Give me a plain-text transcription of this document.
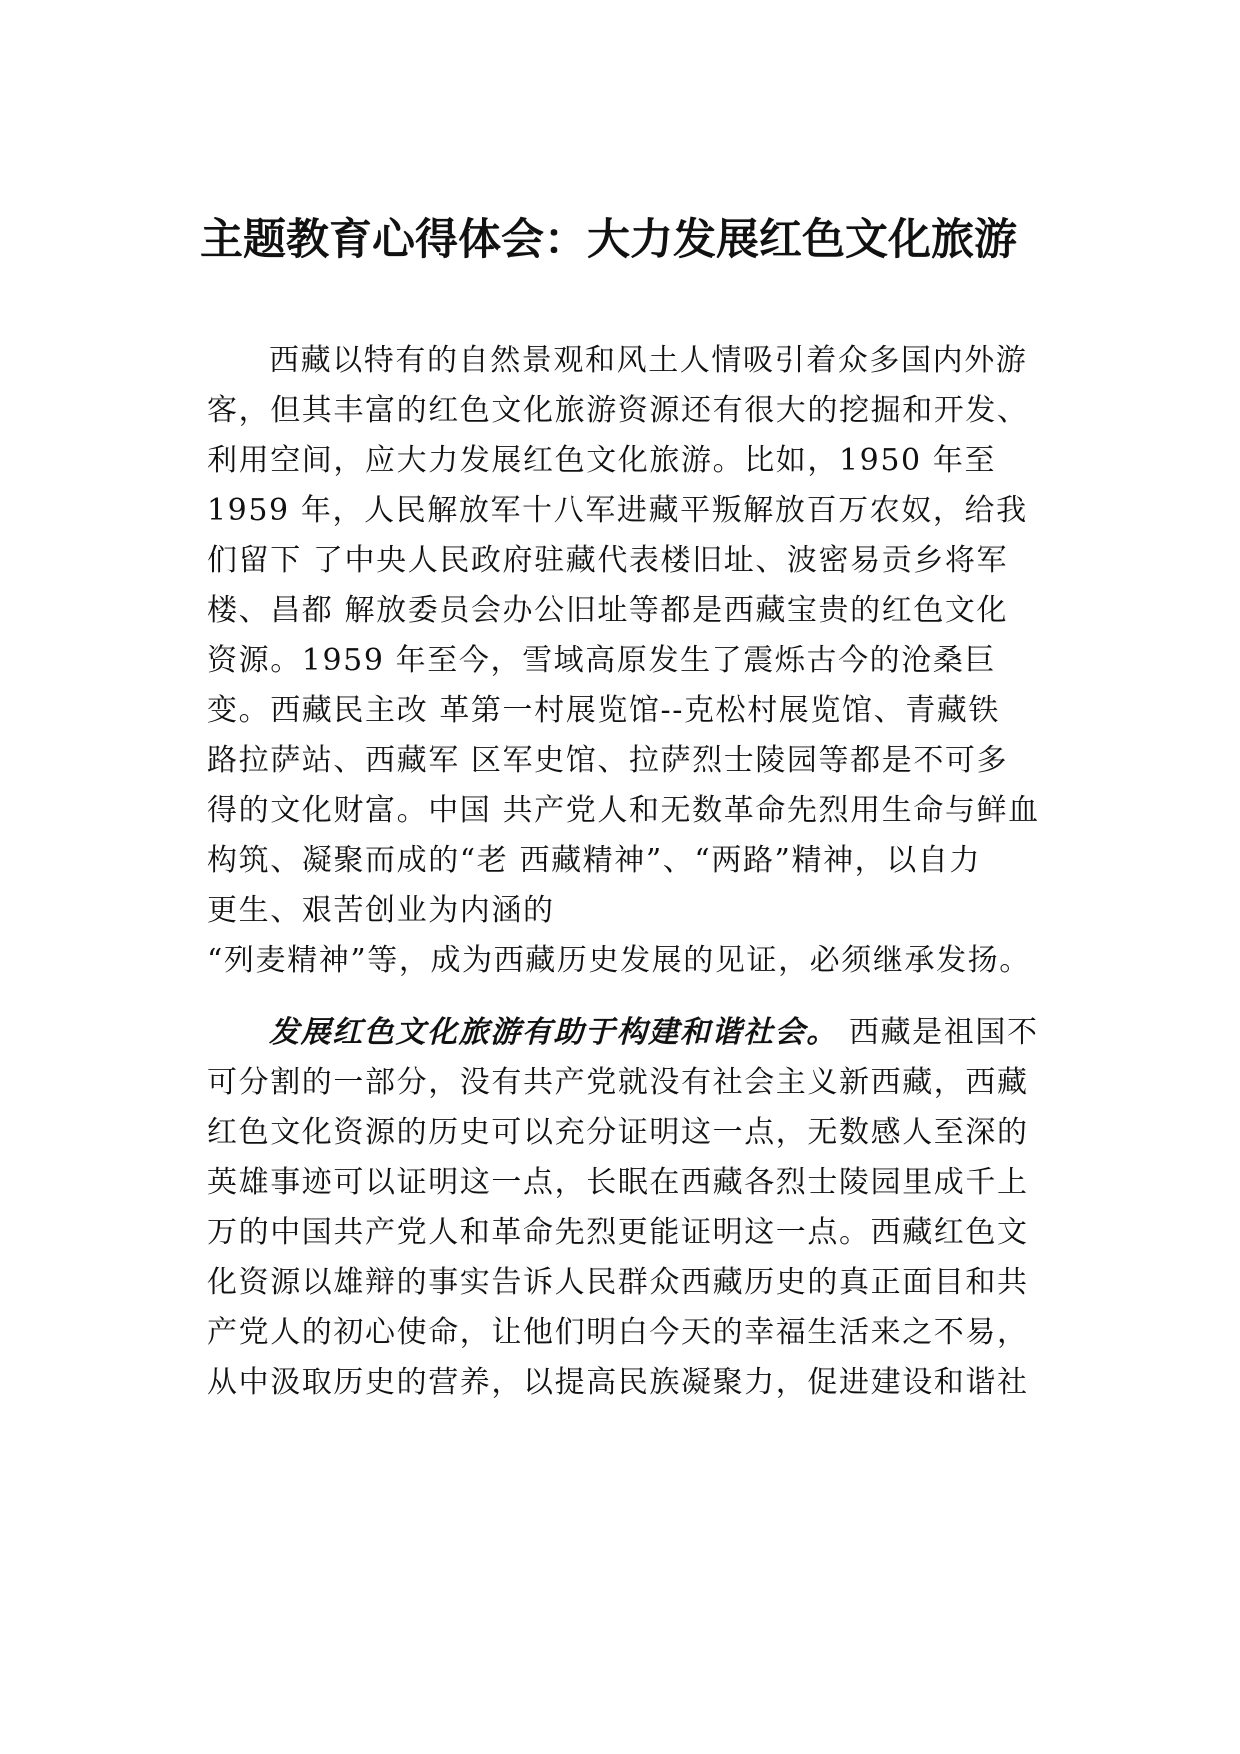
主题教育心得体会：大力发展红色文化旅游
西藏以特有的自然景观和风土人情吸引着众多国内外游
客，但其丰富的红色文化旅游资源还有很大的挖掘和开发、
利用空间，应大力发展红色文化旅游。比如，1950 年至
1959 年，人民解放军十八军进藏平叛解放百万农奴，给我
们留下 了中央人民政府驻藏代表楼旧址、波密易贡乡将军
楼、昌都 解放委员会办公旧址等都是西藏宝贵的红色文化
资源。1959 年至今，雪域高原发生了震烁古今的沧桑巨
变。西藏民主改 革第一村展览馆--克松村展览馆、青藏铁
路拉萨站、西藏军 区军史馆、拉萨烈士陵园等都是不可多
得的文化财富。中国 共产党人和无数革命先烈用生命与鲜血
构筑、凝聚而成的“老 西藏精神”、“两路”精神，以自力
更生、艰苦创业为内涵的
“列麦精神”等，成为西藏历史发展的见证，必须继承发扬。
发展红色文化旅游有助于构建和谐社会。 西藏是祖国不
可分割的一部分，没有共产党就没有社会主义新西藏，西藏
红色文化资源的历史可以充分证明这一点，无数感人至深的
英雄事迹可以证明这一点，长眠在西藏各烈士陵园里成千上
万的中国共产党人和革命先烈更能证明这一点。西藏红色文
化资源以雄辩的事实告诉人民群众西藏历史的真正面目和共
产党人的初心使命，让他们明白今天的幸福生活来之不易，
从中汲取历史的营养，以提高民族凝聚力，促进建设和谐社
